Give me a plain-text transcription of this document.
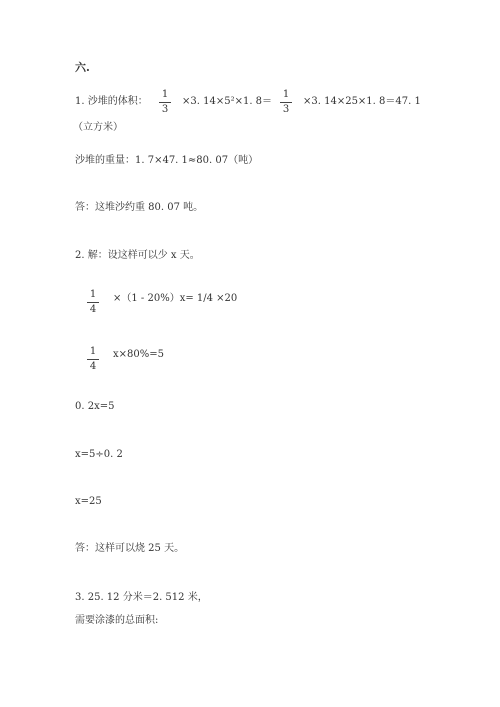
六.
1. 沙堆的体积：
1
3
×3. 14×5²×1. 8＝
1
3
×3. 14×25×1. 8＝47. 1
（立方米）
沙堆的重量：1. 7×47. 1≈80. 07（吨）
答：这堆沙约重 80. 07 吨。
2. 解：设这样可以少 x 天。
1
4
×（1 - 20%）x= 1/4 ×20
1
4
x×80%=5
0. 2x=5
x=5÷0. 2
x=25
答：这样可以烧 25 天。
3. 25. 12 分米＝2. 512 米，
需要涂漆的总面积:
